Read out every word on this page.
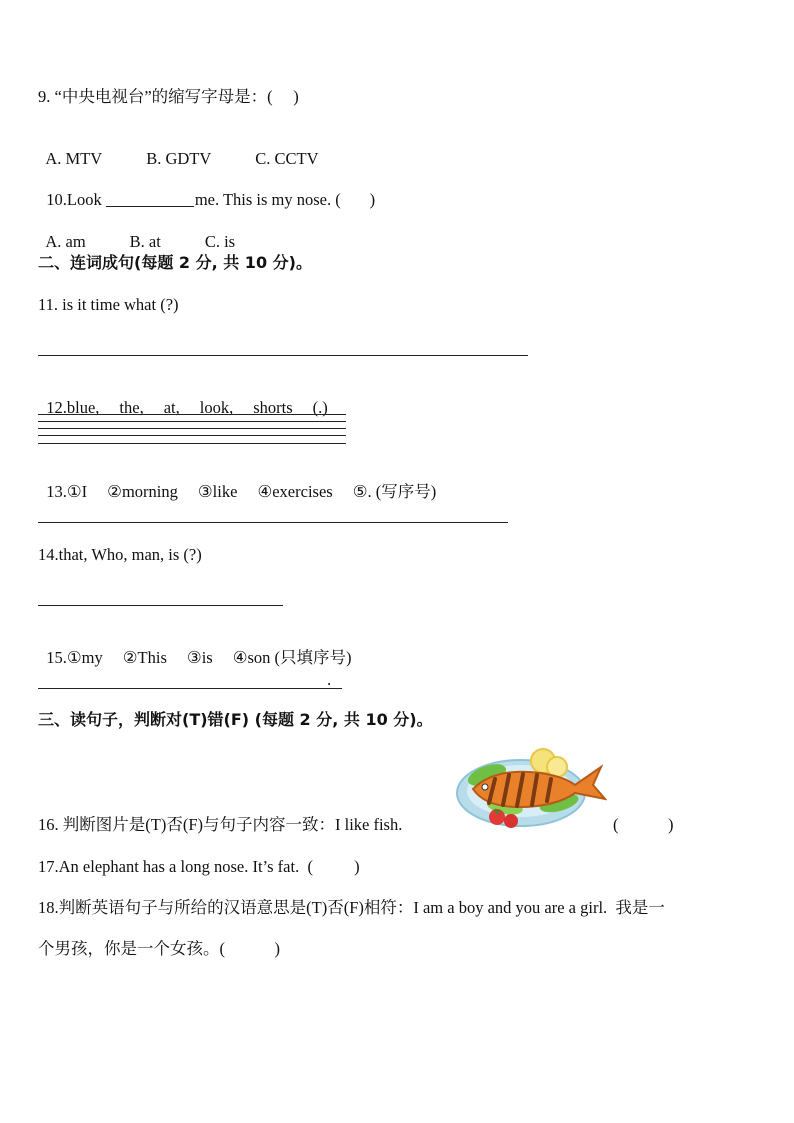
9. “中央电视台”的缩写字母是：(     )

A. MTV	B. GDTV	C. CCTV

10.Look	me. This is my nose. (       )

A. am	B. at	C. is

二、连词成句(每题 2 分, 共 10 分)。
11. is it time what (?)

12.blue, the, at, look, shorts (.)

13.①I ②morning ③like ④exercises ⑤. (写序号)

14.that, Who, man, is (?)

15.①my ②This ③is ④son (只填序号)

.
三、读句子，判断对(T)错(F) (每题 2 分, 共 10 分)。
16. 判断图片是(T)否(F)与句子内容一致：I like fish.	(            )
17.An elephant has a long nose. It’s fat.  (          )
18.判断英语句子与所给的汉语意思是(T)否(F)相符：I am a boy and you are a girl.  我是一
个男孩，你是一个女孩。(            )
